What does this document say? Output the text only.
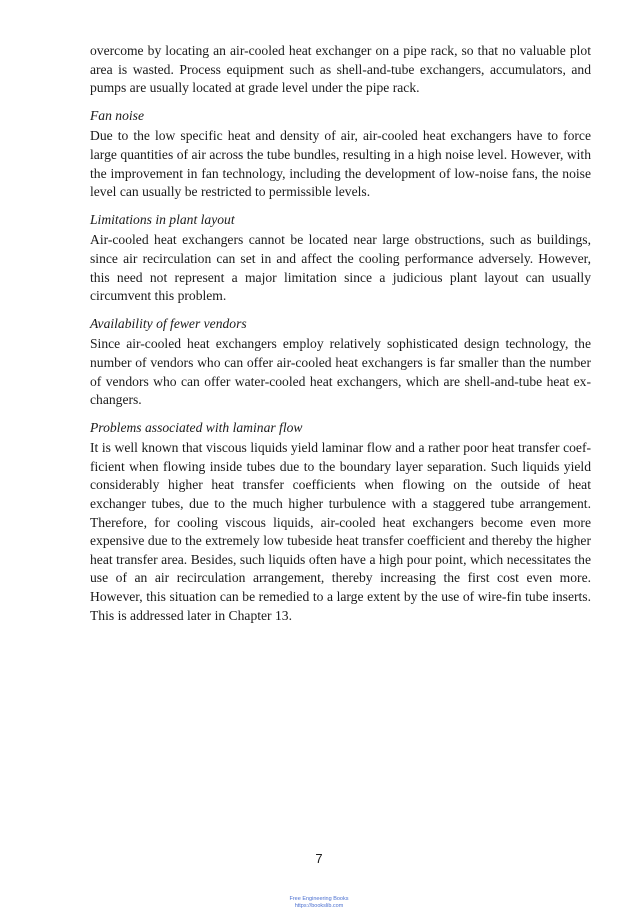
overcome by locating an air-cooled heat exchanger on a pipe rack, so that no valuable plot area is wasted. Process equipment such as shell-and-tube exchangers, accumulators, and pumps are usually located at grade level under the pipe rack.

Fan noise

Due to the low specific heat and density of air, air-cooled heat exchangers have to force large quantities of air across the tube bundles, resulting in a high noise level. However, with the improvement in fan technology, including the development of low-noise fans, the noise level can usually be restricted to permissible levels.

Limitations in plant layout

Air-cooled heat exchangers cannot be located near large obstructions, such as buildings, since air recirculation can set in and affect the cooling performance adversely. However, this need not represent a major limitation since a judicious plant layout can usually circumvent this problem.

Availability of fewer vendors

Since air-cooled heat exchangers employ relatively sophisticated design technology, the number of vendors who can offer air-cooled heat exchangers is far smaller than the number of vendors who can offer water-cooled heat exchangers, which are shell-and-tube heat exchangers.

Problems associated with laminar flow

It is well known that viscous liquids yield laminar flow and a rather poor heat transfer coefficient when flowing inside tubes due to the boundary layer separation. Such liquids yield considerably higher heat transfer coefficients when flowing on the outside of heat exchanger tubes, due to the much higher turbulence with a staggered tube arrangement. Therefore, for cooling viscous liquids, air-cooled heat exchangers become even more expensive due to the extremely low tubeside heat transfer coefficient and thereby the higher heat transfer area. Besides, such liquids often have a high pour point, which necessitates the use of an air recirculation arrangement, thereby increasing the first cost even more. However, this situation can be remedied to a large extent by the use of wire-fin tube inserts. This is addressed later in Chapter 13.

7
Free Engineering Books
https://bookslib.com
